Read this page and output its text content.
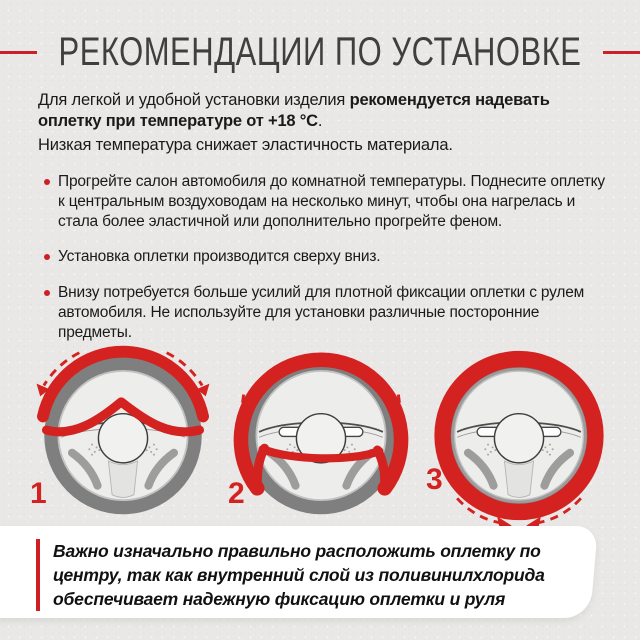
РЕКОМЕНДАЦИИ ПО УСТАНОВКЕ
Для легкой и удобной установки изделия рекомендуется надевать оплетку при температуре от +18 °C.
Низкая температура снижает эластичность материала.
Прогрейте салон автомобиля до комнатной температуры. Поднесите оплетку к центральным воздуховодам на несколько минут, чтобы она нагрелась и стала более эластичной или дополнительно прогрейте феном.
Установка оплетки производится сверху вниз.
Внизу потребуется больше усилий для плотной фиксации оплетки с рулем автомобиля. Не используйте для установки различные посторонние предметы.
1	2	3
Важно изначально правильно расположить оплетку по центру, так как внутренний слой из поливинилхлорида обеспечивает надежную фиксацию оплетки и руля
